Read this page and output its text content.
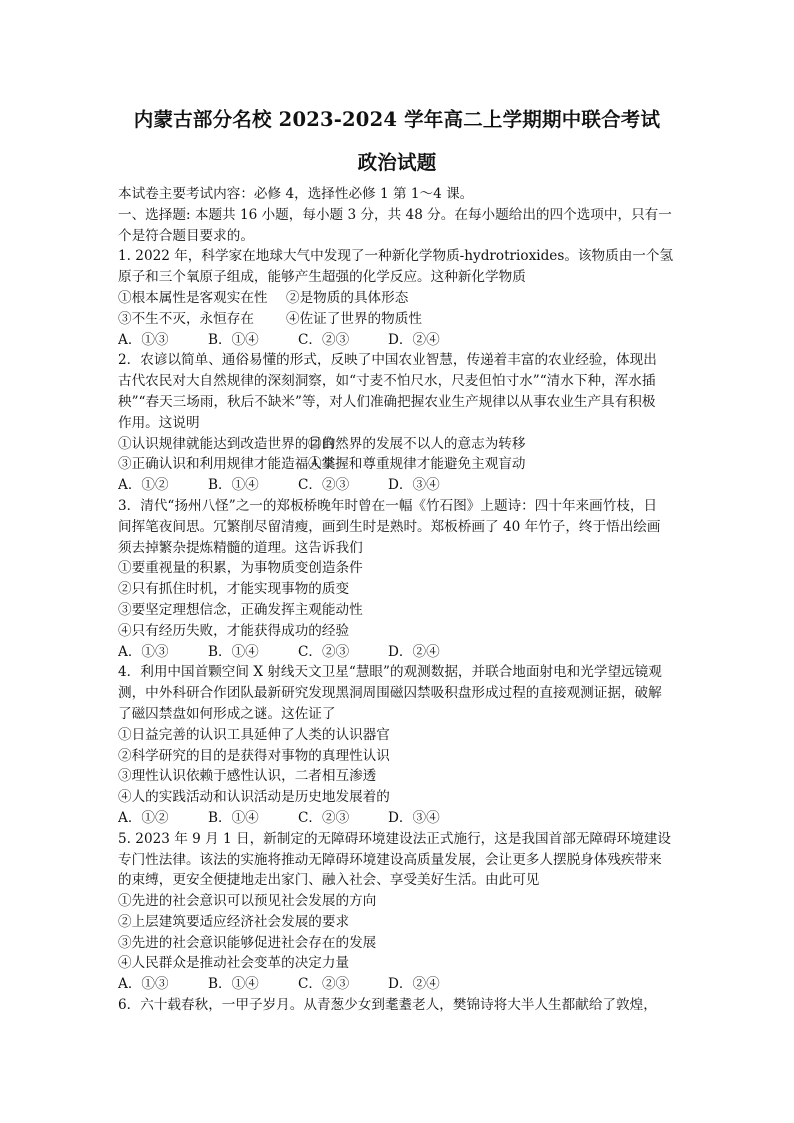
内蒙古部分名校 2023-2024 学年高二上学期期中联合考试
政治试题
本试卷主要考试内容：必修 4，选择性必修 1 第 1～4 课。
一、选择题: 本题共 16 小题，每小题 3 分，共 48 分。在每小题给出的四个选项中，只有一
个是符合题目要求的。
1. 2022 年，科学家在地球大气中发现了一种新化学物质-hydrotrioxides。该物质由一个氢
原子和三个氧原子组成，能够产生超强的化学反应。这种新化学物质
①根本属性是客观实在性 ②是物质的具体形态
③不生不灭，永恒存在 ④佐证了世界的物质性
A．①③	B．①④	C．②③	D．②④
2．农谚以简单、通俗易懂的形式，反映了中国农业智慧，传递着丰富的农业经验，体现出
古代农民对大自然规律的深刻洞察，如“寸麦不怕尺水，尺麦但怕寸水”“清水下种，浑水插
秧”“春天三场雨，秋后不缺米”等，对人们准确把握农业生产规律以从事农业生产具有积极
作用。这说明
①认识规律就能达到改造世界的目的②自然界的发展不以人的意志为转移
③正确认识和利用规律才能造福人类④掌握和尊重规律才能避免主观盲动
A．①②	B．①④	C．②③	D．③④
3．清代“扬州八怪”之一的郑板桥晚年时曾在一幅《竹石图》上题诗：四十年来画竹枝，日
间挥笔夜间思。冗繁削尽留清瘦，画到生时是熟时。郑板桥画了 40 年竹子，终于悟出绘画
须去掉繁杂提炼精髓的道理。这告诉我们
①要重视量的积累，为事物质变创造条件
②只有抓住时机，才能实现事物的质变
③要坚定理想信念，正确发挥主观能动性
④只有经历失败，才能获得成功的经验
A．①③	B．①④	C．②③	D．②④
4．利用中国首颗空间 X 射线天文卫星“慧眼”的观测数据，并联合地面射电和光学望远镜观
测，中外科研合作团队最新研究发现黑洞周围磁囚禁吸积盘形成过程的直接观测证据，破解
了磁囚禁盘如何形成之谜。这佐证了
①日益完善的认识工具延伸了人类的认识器官
②科学研究的目的是获得对事物的真理性认识
③理性认识依赖于感性认识，二者相互渗透
④人的实践活动和认识活动是历史地发展着的
A．①②	B．①④	C．②③	D．③④
5. 2023 年 9 月 1 日，新制定的无障碍环境建设法正式施行，这是我国首部无障碍环境建设
专门性法律。该法的实施将推动无障碍环境建设高质量发展，会让更多人摆脱身体残疾带来
的束缚，更安全便捷地走出家门、融入社会、享受美好生活。由此可见
①先进的社会意识可以预见社会发展的方向
②上层建筑要适应经济社会发展的要求
③先进的社会意识能够促进社会存在的发展
④人民群众是推动社会变革的决定力量
A．①③	B．①④	C．②③	D．②④
6．六十载春秋，一甲子岁月。从青葱少女到耄耋老人，樊锦诗将大半人生都献给了敦煌，
